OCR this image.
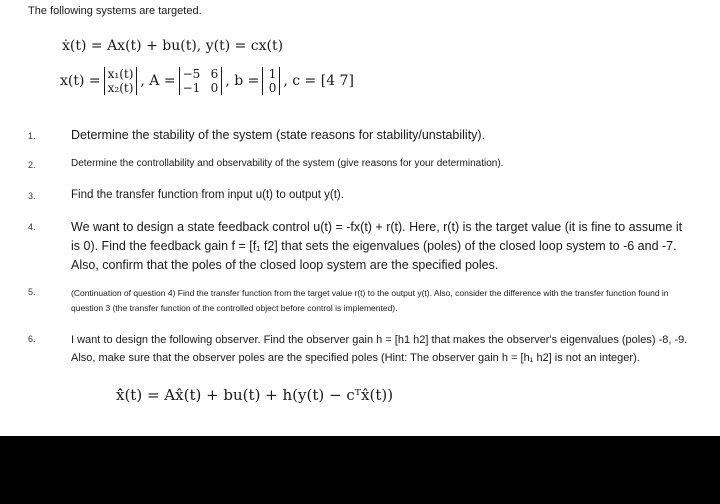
The following systems are targeted.
ẋ(t) = Ax(t) + bu(t), y(t) = cx(t)
x(t) = x₁(t)
x₂(t) , A = −5 6
−1 0 , b = 1
0 , c = [4 7]
1.	Determine the stability of the system (state reasons for stability/unstability).
2.	Determine the controllability and observability of the system (give reasons for your determination).
3.	Find the transfer function from input u(t) to output y(t).
4.	We want to design a state feedback control u(t) = -fx(t) + r(t). Here, r(t) is the target value (it is fine to assume it is 0). Find the feedback gain f = [f₁ f2] that sets the eigenvalues (poles) of the closed loop system to -6 and -7. Also, confirm that the poles of the closed loop system are the specified poles.
5.	(Continuation of question 4) Find the transfer function from the target value r(t) to the output y(t). Also, consider the difference with the transfer function found in question 3 (the transfer function of the controlled object before control is implemented).
6.	I want to design the following observer. Find the observer gain h = [h1 h2] that makes the observer's eigenvalues (poles) -8, -9. Also, make sure that the observer poles are the specified poles (Hint: The observer gain h = [h₁ h2] is not an integer).
x̂̇(t) = Ax̂(t) + bu(t) + h(y(t) − cᵀx̂(t))
